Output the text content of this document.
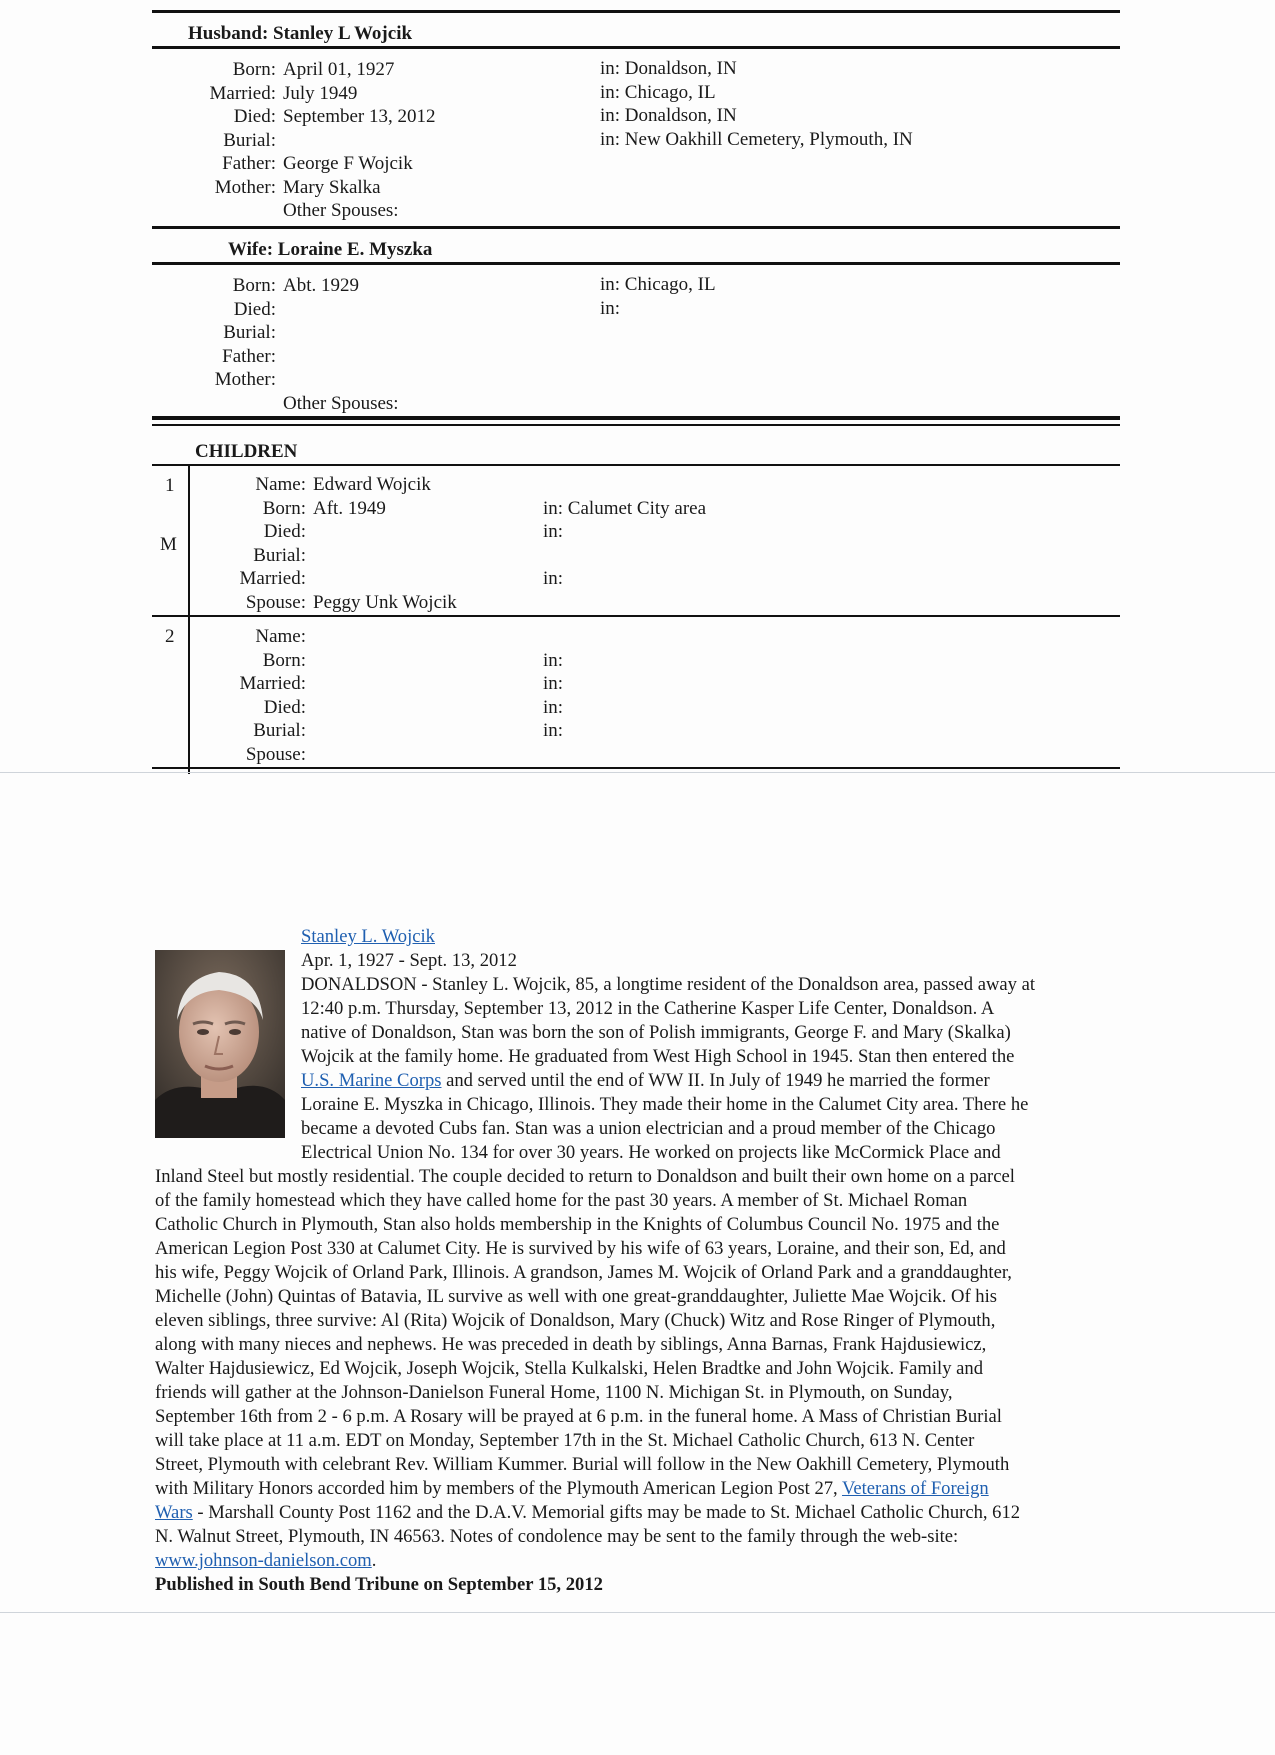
Husband: Stanley L Wojcik
Born:
Married:
Died:
Burial:
Father:
Mother:
April 01, 1927
July 1949
September 13, 2012
George F Wojcik
Mary Skalka
Other Spouses:
in: Donaldson, IN
in: Chicago, IL
in: Donaldson, IN
in: New Oakhill Cemetery, Plymouth, IN
Wife: Loraine E. Myszka
Born:
Died:
Burial:
Father:
Mother:
Abt. 1929
Other Spouses:
in: Chicago, IL
in:
CHILDREN
1
M
Name:
Born:
Died:
Burial:
Married:
Spouse:
Edward Wojcik
Aft. 1949
Peggy Unk Wojcik
in: Calumet City area
in:
in:
2	Name:
Born:
Married:
Died:
Burial:
Spouse:
in:
in:
in:
in:
Stanley L. Wojcik
Apr. 1, 1927 - Sept. 13, 2012
DONALDSON - Stanley L. Wojcik, 85, a longtime resident of the Donaldson area, passed away at
12:40 p.m. Thursday, September 13, 2012 in the Catherine Kasper Life Center, Donaldson. A
native of Donaldson, Stan was born the son of Polish immigrants, George F. and Mary (Skalka)
Wojcik at the family home. He graduated from West High School in 1945. Stan then entered the
U.S. Marine Corps and served until the end of WW II. In July of 1949 he married the former
Loraine E. Myszka in Chicago, Illinois. They made their home in the Calumet City area. There he
became a devoted Cubs fan. Stan was a union electrician and a proud member of the Chicago
Electrical Union No. 134 for over 30 years. He worked on projects like McCormick Place and
Inland Steel but mostly residential. The couple decided to return to Donaldson and built their own home on a parcel
of the family homestead which they have called home for the past 30 years. A member of St. Michael Roman
Catholic Church in Plymouth, Stan also holds membership in the Knights of Columbus Council No. 1975 and the
American Legion Post 330 at Calumet City. He is survived by his wife of 63 years, Loraine, and their son, Ed, and
his wife, Peggy Wojcik of Orland Park, Illinois. A grandson, James M. Wojcik of Orland Park and a granddaughter,
Michelle (John) Quintas of Batavia, IL survive as well with one great-granddaughter, Juliette Mae Wojcik. Of his
eleven siblings, three survive: Al (Rita) Wojcik of Donaldson, Mary (Chuck) Witz and Rose Ringer of Plymouth,
along with many nieces and nephews. He was preceded in death by siblings, Anna Barnas, Frank Hajdusiewicz,
Walter Hajdusiewicz, Ed Wojcik, Joseph Wojcik, Stella Kulkalski, Helen Bradtke and John Wojcik. Family and
friends will gather at the Johnson-Danielson Funeral Home, 1100 N. Michigan St. in Plymouth, on Sunday,
September 16th from 2 - 6 p.m. A Rosary will be prayed at 6 p.m. in the funeral home. A Mass of Christian Burial
will take place at 11 a.m. EDT on Monday, September 17th in the St. Michael Catholic Church, 613 N. Center
Street, Plymouth with celebrant Rev. William Kummer. Burial will follow in the New Oakhill Cemetery, Plymouth
with Military Honors accorded him by members of the Plymouth American Legion Post 27, Veterans of Foreign
Wars - Marshall County Post 1162 and the D.A.V. Memorial gifts may be made to St. Michael Catholic Church, 612
N. Walnut Street, Plymouth, IN 46563. Notes of condolence may be sent to the family through the web-site:
www.johnson-danielson.com.
Published in South Bend Tribune on September 15, 2012
